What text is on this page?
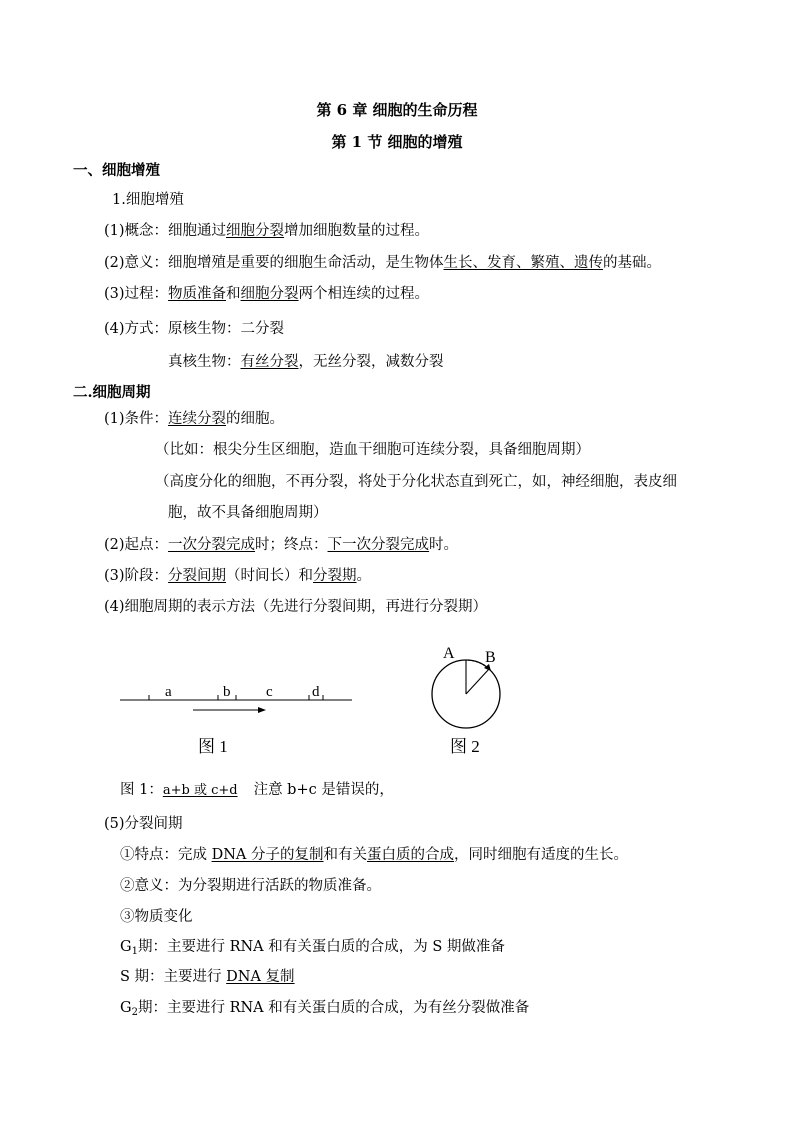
第 6 章 细胞的生命历程
第 1 节 细胞的增殖
一、细胞增殖
1.细胞增殖
(1)概念：细胞通过细胞分裂增加细胞数量的过程。
(2)意义：细胞增殖是重要的细胞生命活动，是生物体生长、发育、繁殖、遗传的基础。
(3)过程：物质准备和细胞分裂两个相连续的过程。
(4)方式：原核生物：二分裂
真核生物：有丝分裂，无丝分裂，减数分裂
二.细胞周期
(1)条件：连续分裂的细胞。
（比如：根尖分生区细胞，造血干细胞可连续分裂，具备细胞周期）
（高度分化的细胞，不再分裂，将处于分化状态直到死亡，如，神经细胞，表皮细
胞，故不具备细胞周期）
(2)起点：一次分裂完成时；终点：下一次分裂完成时。
(3)阶段：分裂间期（时间长）和分裂期。
(4)细胞周期的表示方法（先进行分裂间期，再进行分裂期）
a	b c	d
图 1
A B
图 2
图 1：a+b 或 c+d 注意 b+c 是错误的，
(5)分裂间期
①特点：完成 DNA 分子的复制和有关蛋白质的合成，同时细胞有适度的生长。
②意义：为分裂期进行活跃的物质准备。
③物质变化
$G_1$期：主要进行 RNA 和有关蛋白质的合成，为 S 期做准备
S 期：主要进行 DNA 复制
$G_2$期：主要进行 RNA 和有关蛋白质的合成，为有丝分裂做准备
